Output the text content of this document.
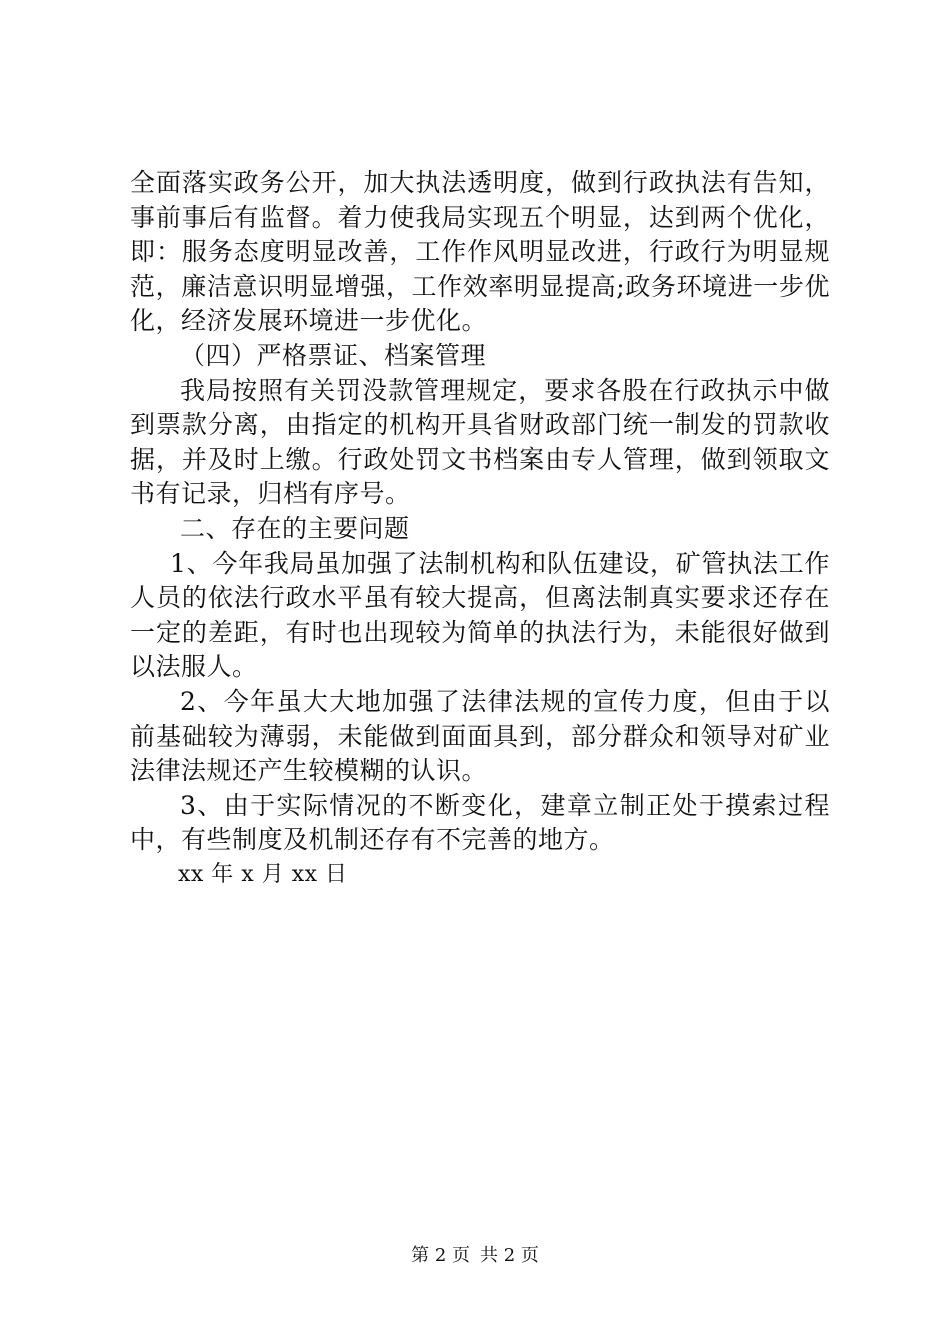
全面落实政务公开，加大执法透明度，做到行政执法有告知，事前事后有监督。着力使我局实现五个明显，达到两个优化，即：服务态度明显改善，工作作风明显改进，行政行为明显规范，廉洁意识明显增强，工作效率明显提高;政务环境进一步优化，经济发展环境进一步优化。

（四）严格票证、档案管理

我局按照有关罚没款管理规定，要求各股在行政执示中做到票款分离，由指定的机构开具省财政部门统一制发的罚款收据，并及时上缴。行政处罚文书档案由专人管理，做到领取文书有记录，归档有序号。

二、存在的主要问题

1、今年我局虽加强了法制机构和队伍建设，矿管执法工作人员的依法行政水平虽有较大提高，但离法制真实要求还存在一定的差距，有时也出现较为简单的执法行为，未能很好做到以法服人。

2、今年虽大大地加强了法律法规的宣传力度，但由于以前基础较为薄弱，未能做到面面具到，部分群众和领导对矿业法律法规还产生较模糊的认识。

3、由于实际情况的不断变化，建章立制正处于摸索过程中，有些制度及机制还存有不完善的地方。

xx 年 x 月 xx 日

第 2 页 共 2 页
